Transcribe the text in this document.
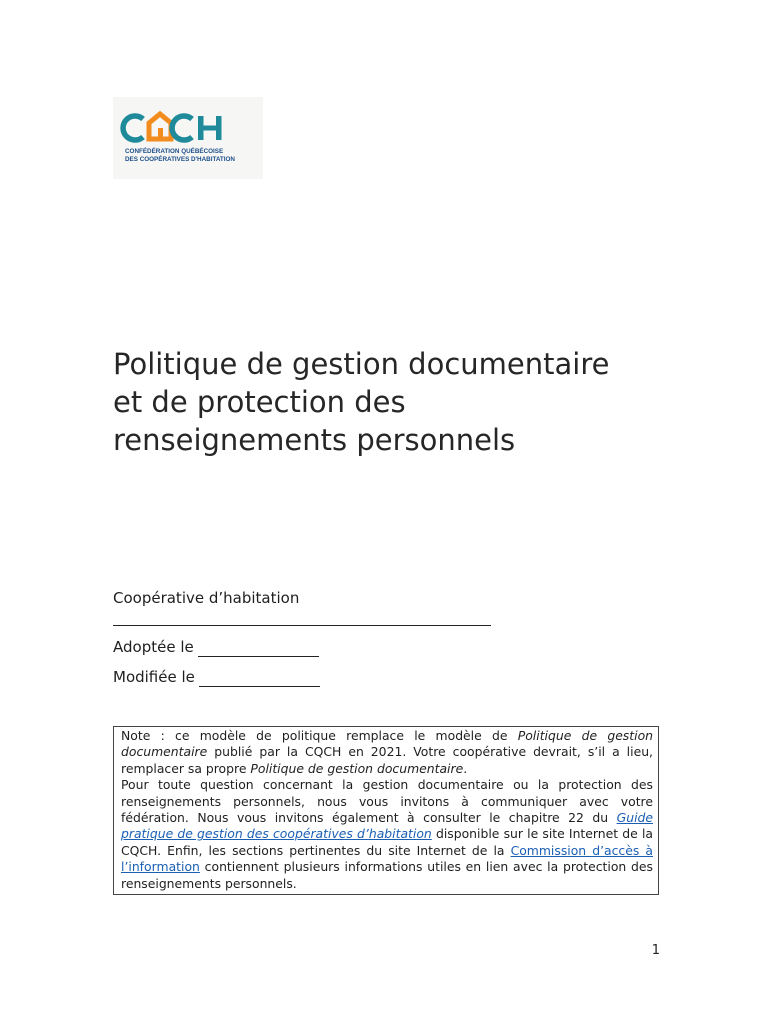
CONFÉDÉRATION QUÉBÉCOISE
DES COOPÉRATIVES D'HABITATION
Politique de gestion documentaire
et de protection des
renseignements personnels
Coopérative d’habitation
Adoptée le
Modifiée le

Note : ce modèle de politique remplace le modèle de Politique de gestion documentaire publié par la CQCH en 2021. Votre coopérative devrait, s’il a lieu, remplacer sa propre Politique de gestion documentaire.

Pour toute question concernant la gestion documentaire ou la protection des renseignements personnels, nous vous invitons à communiquer avec votre fédération. Nous vous invitons également à consulter le chapitre 22 du Guide pratique de gestion des coopératives d’habitation disponible sur le site Internet de la CQCH. Enfin, les sections pertinentes du site Internet de la Commission d’accès à l’information contiennent plusieurs informations utiles en lien avec la protection des renseignements personnels.

1
